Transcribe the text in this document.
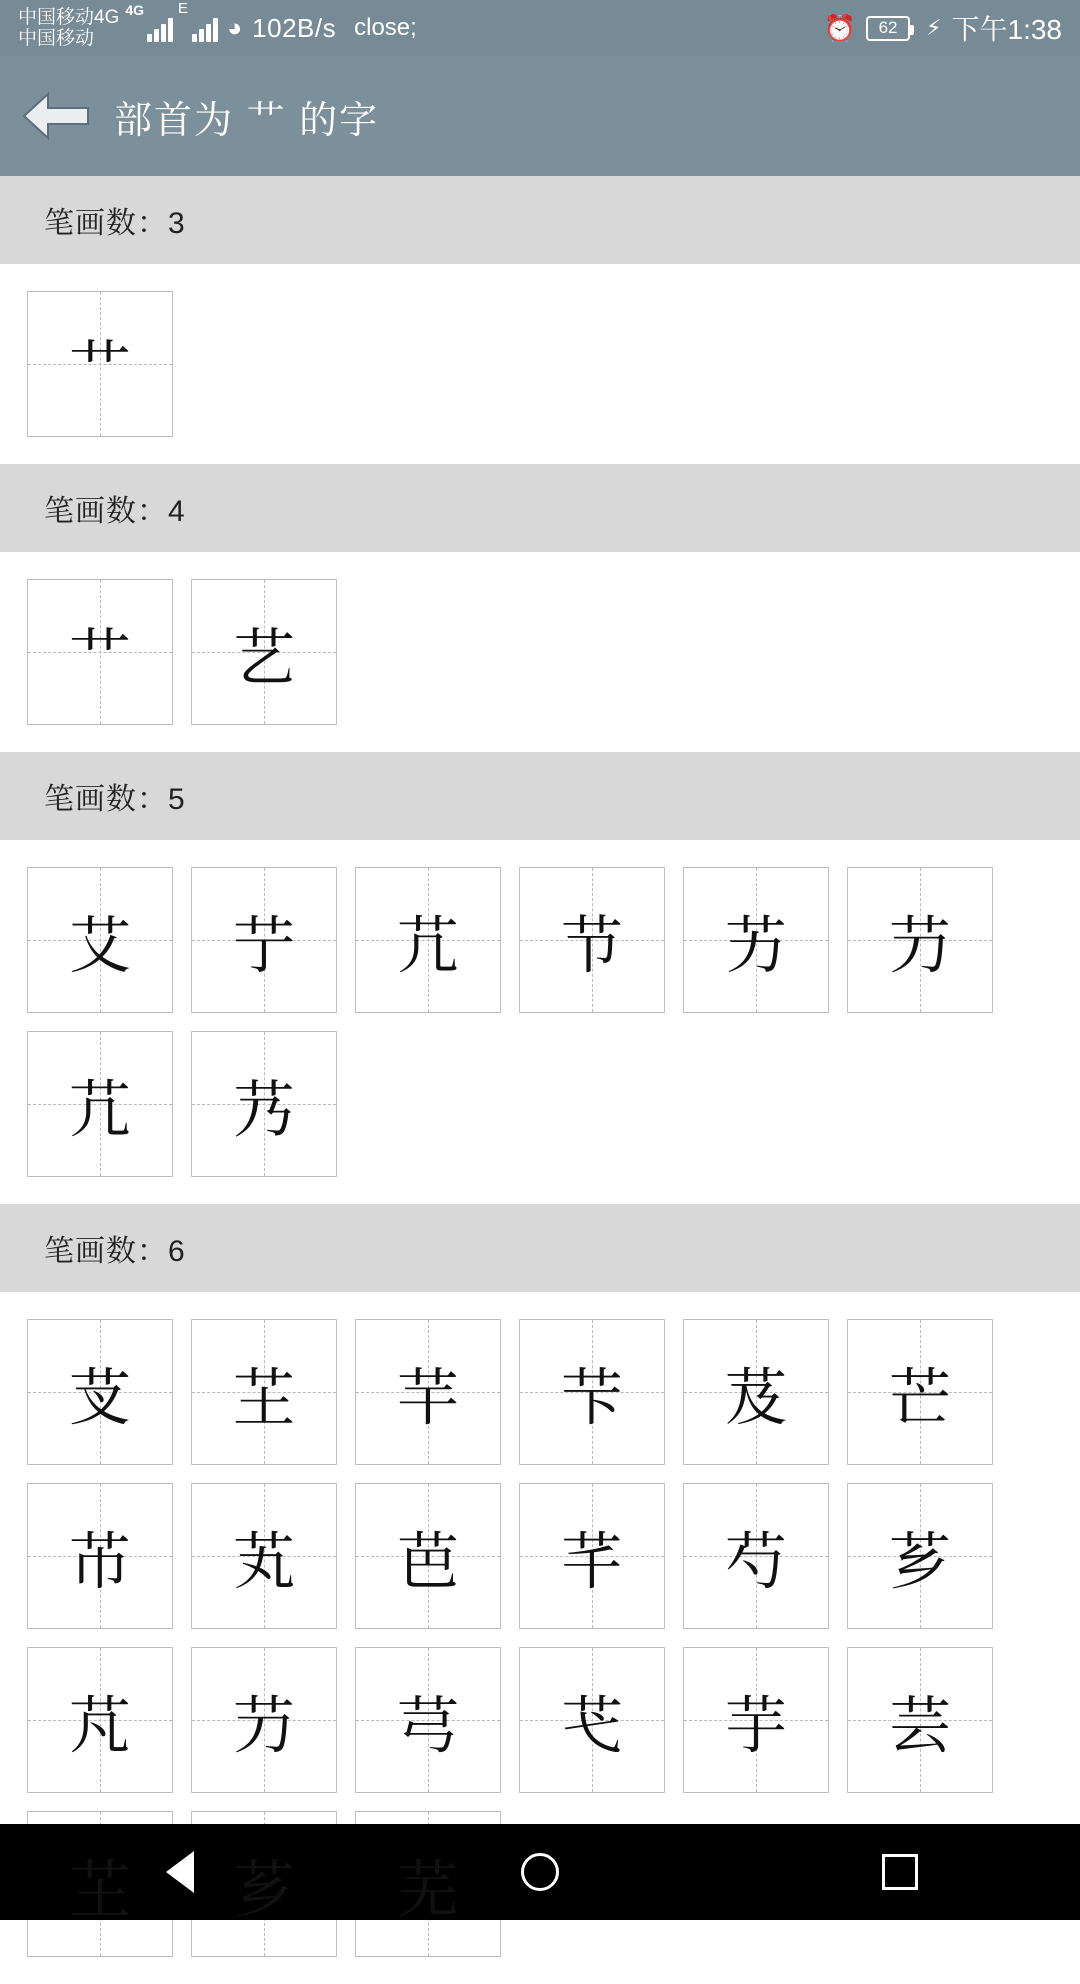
中国移动4G
中国移动
4G E
◕ 102B/s close;	⏰	62	⚡ 下午1:38
部首为 艹 的字
笔画数：3
艹
笔画数：4
艹	艺
笔画数：5
艾	艼	芁	节	艻	芀
芁	艿
笔画数：6
芆	芏	芉	芐	芨	芒
芇	芄	芭	芊	芍	芗
芃	芀	芎	芅	芋	芸
芏	芗	芜
